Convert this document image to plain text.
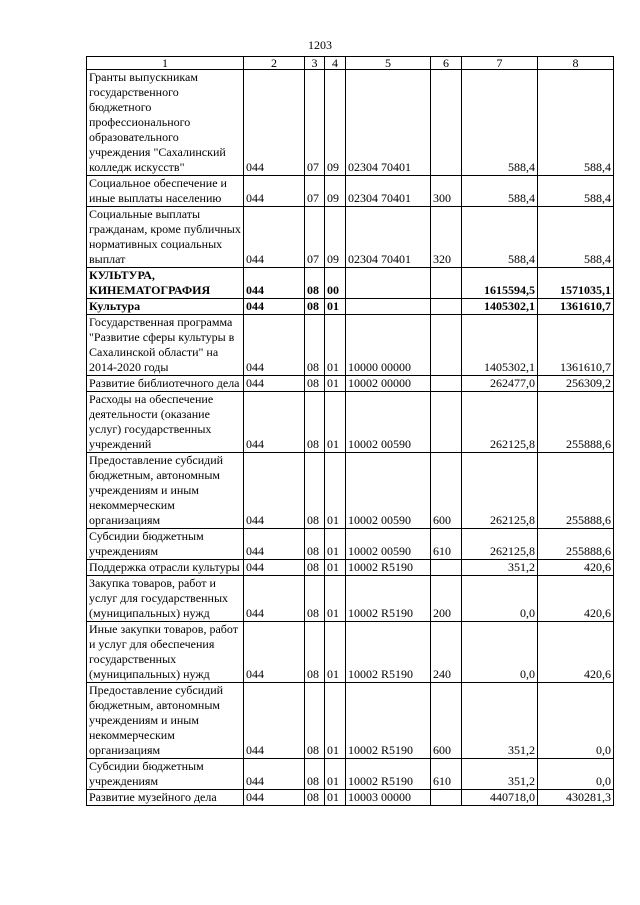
1203
1	2	3	4	5	6	7	8
Гранты выпускникам государственного бюджетного профессионального образовательного учреждения "Сахалинский колледж искусств"	044	07	09	02304 70401		588,4	588,4
Социальное обеспечение и иные выплаты населению	044	07	09	02304 70401	300	588,4	588,4
Социальные выплаты гражданам, кроме публичных нормативных социальных выплат	044	07	09	02304 70401	320	588,4	588,4
КУЛЬТУРА, КИНЕМАТОГРАФИЯ	044	08	00			1615594,5	1571035,1
Культура	044	08	01			1405302,1	1361610,7
Государственная программа "Развитие сферы культуры в Сахалинской области" на 2014-2020 годы	044	08	01	10000 00000		1405302,1	1361610,7
Развитие библиотечного дела	044	08	01	10002 00000		262477,0	256309,2
Расходы на обеспечение деятельности (оказание услуг) государственных учреждений	044	08	01	10002 00590		262125,8	255888,6
Предоставление субсидий бюджетным, автономным учреждениям и иным некоммерческим организациям	044	08	01	10002 00590	600	262125,8	255888,6
Субсидии бюджетным учреждениям	044	08	01	10002 00590	610	262125,8	255888,6
Поддержка отрасли культуры	044	08	01	10002 R5190		351,2	420,6
Закупка товаров, работ и услуг для государственных (муниципальных) нужд	044	08	01	10002 R5190	200	0,0	420,6
Иные закупки товаров, работ и услуг для обеспечения государственных (муниципальных) нужд	044	08	01	10002 R5190	240	0,0	420,6
Предоставление субсидий бюджетным, автономным учреждениям и иным некоммерческим организациям	044	08	01	10002 R5190	600	351,2	0,0
Субсидии бюджетным учреждениям	044	08	01	10002 R5190	610	351,2	0,0
Развитие музейного дела	044	08	01	10003 00000		440718,0	430281,3
